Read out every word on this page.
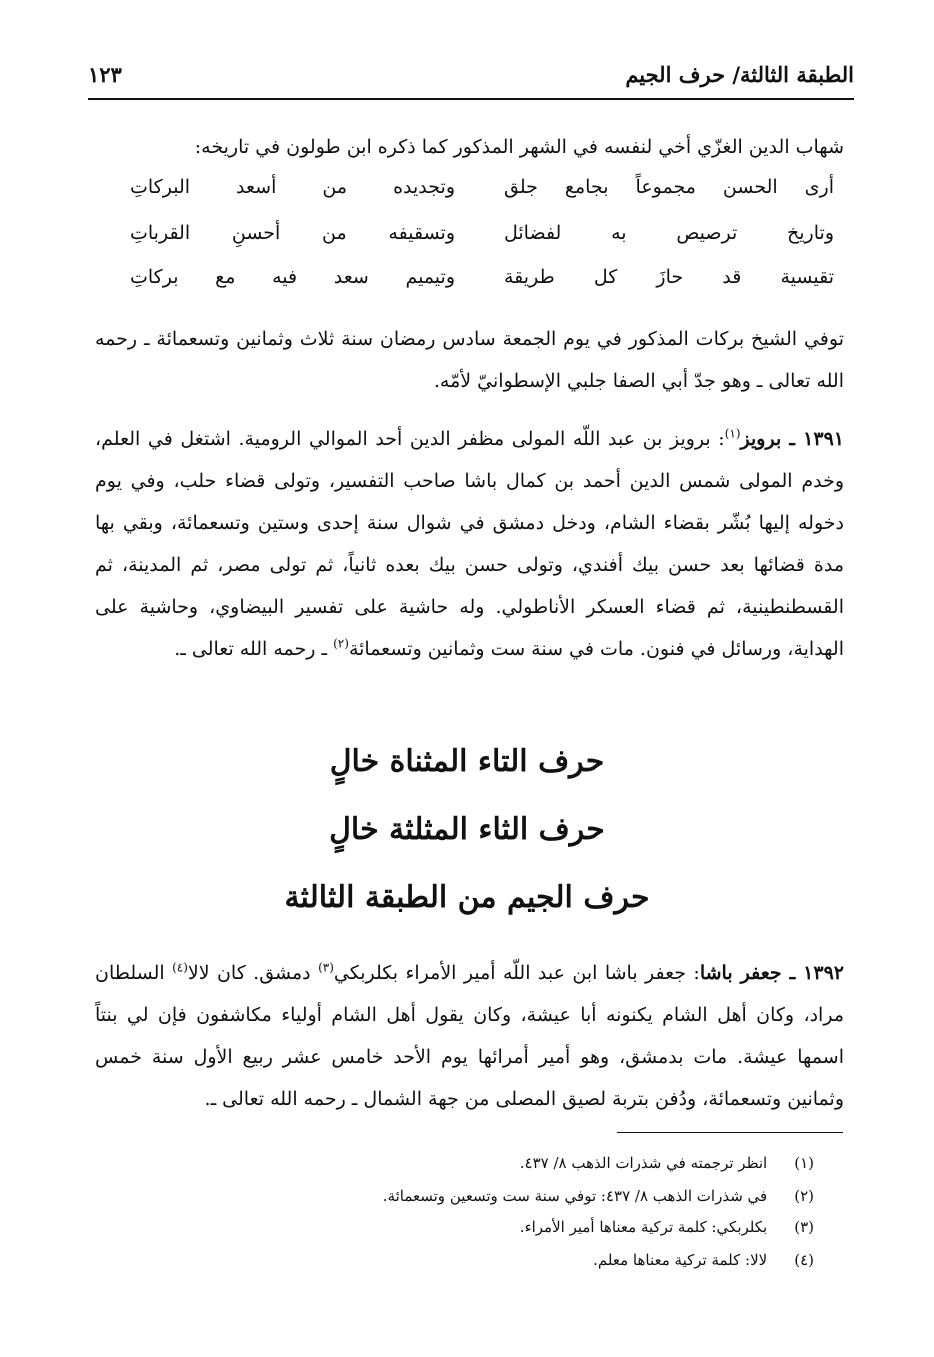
الطبقة الثالثة/ حرف الجيم
١٢٣

شهاب الدين الغزّي أخي لنفسه في الشهر المذكور كما ذكره ابن طولون في تاريخه:

أرى الحسن مجموعاً بجامع جلق
وتجديده من أسعد البركاتِ
وتاريخ ترصيص به لفضائل
وتسقيفه من أحسنِ القرباتِ
تقيسية قد حازَ كل طريقة
وتيميم سعد فيه مع بركاتِ

توفي الشيخ بركات المذكور في يوم الجمعة سادس رمضان سنة ثلاث وثمانين وتسعمائة ـ رحمه الله تعالى ـ وهو جدّ أبي الصفا جلبي الإسطوانيّ لأمّه.

١٣٩١ ـ برويز$^{(١)}$: برويز بن عبد اللّه المولى مظفر الدين أحد الموالي الرومية. اشتغل في العلم، وخدم المولى شمس الدين أحمد بن كمال باشا صاحب التفسير، وتولى قضاء حلب، وفي يوم دخوله إليها بُشّر بقضاء الشام، ودخل دمشق في شوال سنة إحدى وستين وتسعمائة، وبقي بها مدة قضائها بعد حسن بيك أفندي، وتولى حسن بيك بعده ثانياً، ثم تولى مصر، ثم المدينة، ثم القسطنطينية، ثم قضاء العسكر الأناطولي. وله حاشية على تفسير البيضاوي، وحاشية على الهداية، ورسائل في فنون. مات في سنة ست وثمانين وتسعمائة$^{(٢)}$ ـ رحمه الله تعالى ـ.

حرف التاء المثناة خالٍ
حرف الثاء المثلثة خالٍ
حرف الجيم من الطبقة الثالثة

١٣٩٢ ـ جعفر باشا: جعفر باشا ابن عبد اللّه أمير الأمراء بكلربكي$^{(٣)}$ دمشق. كان لالا$^{(٤)}$ السلطان مراد، وكان أهل الشام يكنونه أبا عيشة، وكان يقول أهل الشام أولياء مكاشفون فإن لي بنتاً اسمها عيشة. مات بدمشق، وهو أمير أمرائها يوم الأحد خامس عشر ربيع الأول سنة خمس وثمانين وتسعمائة، ودُفن بتربة لصيق المصلى من جهة الشمال ـ رحمه الله تعالى ـ.

(١) انظر ترجمته في شذرات الذهب ٨/ ٤٣٧.
(٢) في شذرات الذهب ٨/ ٤٣٧: توفي سنة ست وتسعين وتسعمائة.
(٣) بكلربكي: كلمة تركية معناها أمير الأمراء.
(٤) لالا: كلمة تركية معناها معلم.
